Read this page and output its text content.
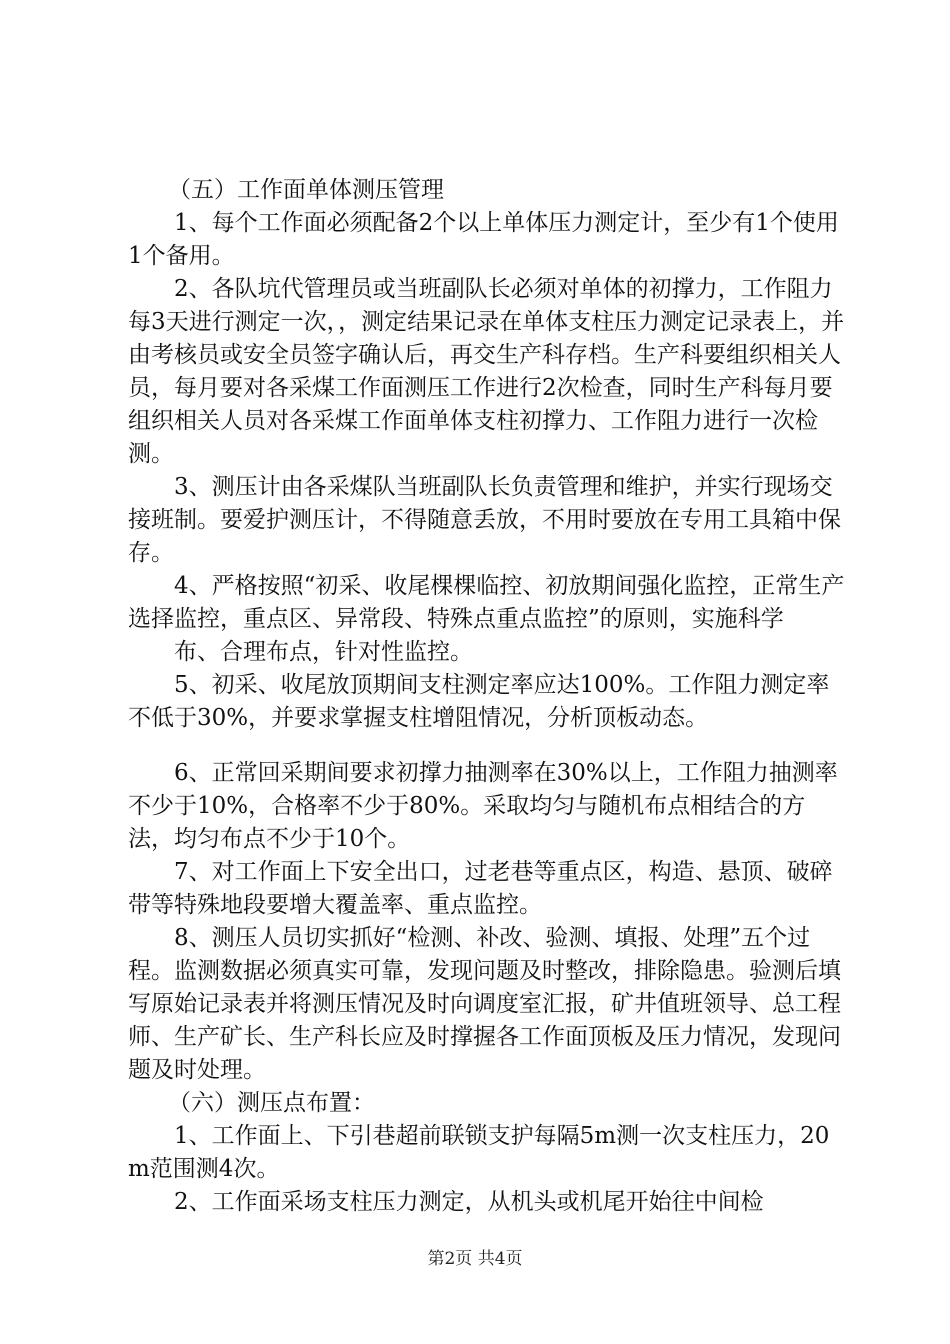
（五）工作面单体测压管理

1、每个工作面必须配备2个以上单体压力测定计，至少有1个使用1个备用。

2、各队坑代管理员或当班副队长必须对单体的初撑力，工作阻力每3天进行测定一次，，测定结果记录在单体支柱压力测定记录表上，并由考核员或安全员签字确认后，再交生产科存档。生产科要组织相关人员，每月要对各采煤工作面测压工作进行2次检查，同时生产科每月要组织相关人员对各采煤工作面单体支柱初撑力、工作阻力进行一次检测。

3、测压计由各采煤队当班副队长负责管理和维护，并实行现场交接班制。要爱护测压计，不得随意丢放，不用时要放在专用工具箱中保存。

4、严格按照“初采、收尾棵棵临控、初放期间强化监控，正常生产选择监控，重点区、异常段、特殊点重点监控”的原则，实施科学

布、合理布点，针对性监控。

5、初采、收尾放顶期间支柱测定率应达100%。工作阻力测定率不低于30%，并要求掌握支柱增阻情况，分析顶板动态。

6、正常回采期间要求初撑力抽测率在30%以上，工作阻力抽测率不少于10%，合格率不少于80%。采取均匀与随机布点相结合的方法，均匀布点不少于10个。

7、对工作面上下安全出口，过老巷等重点区，构造、悬顶、破碎带等特殊地段要增大覆盖率、重点监控。

8、测压人员切实抓好“检测、补改、验测、填报、处理”五个过程。监测数据必须真实可靠，发现问题及时整改，排除隐患。验测后填写原始记录表并将测压情况及时向调度室汇报，矿井值班领导、总工程师、生产矿长、生产科长应及时撑握各工作面顶板及压力情况，发现问题及时处理。

（六）测压点布置：

1、工作面上、下引巷超前联锁支护每隔5m测一次支柱压力，20m范围测4次。

2、工作面采场支柱压力测定，从机头或机尾开始往中间检

第2页 共4页
